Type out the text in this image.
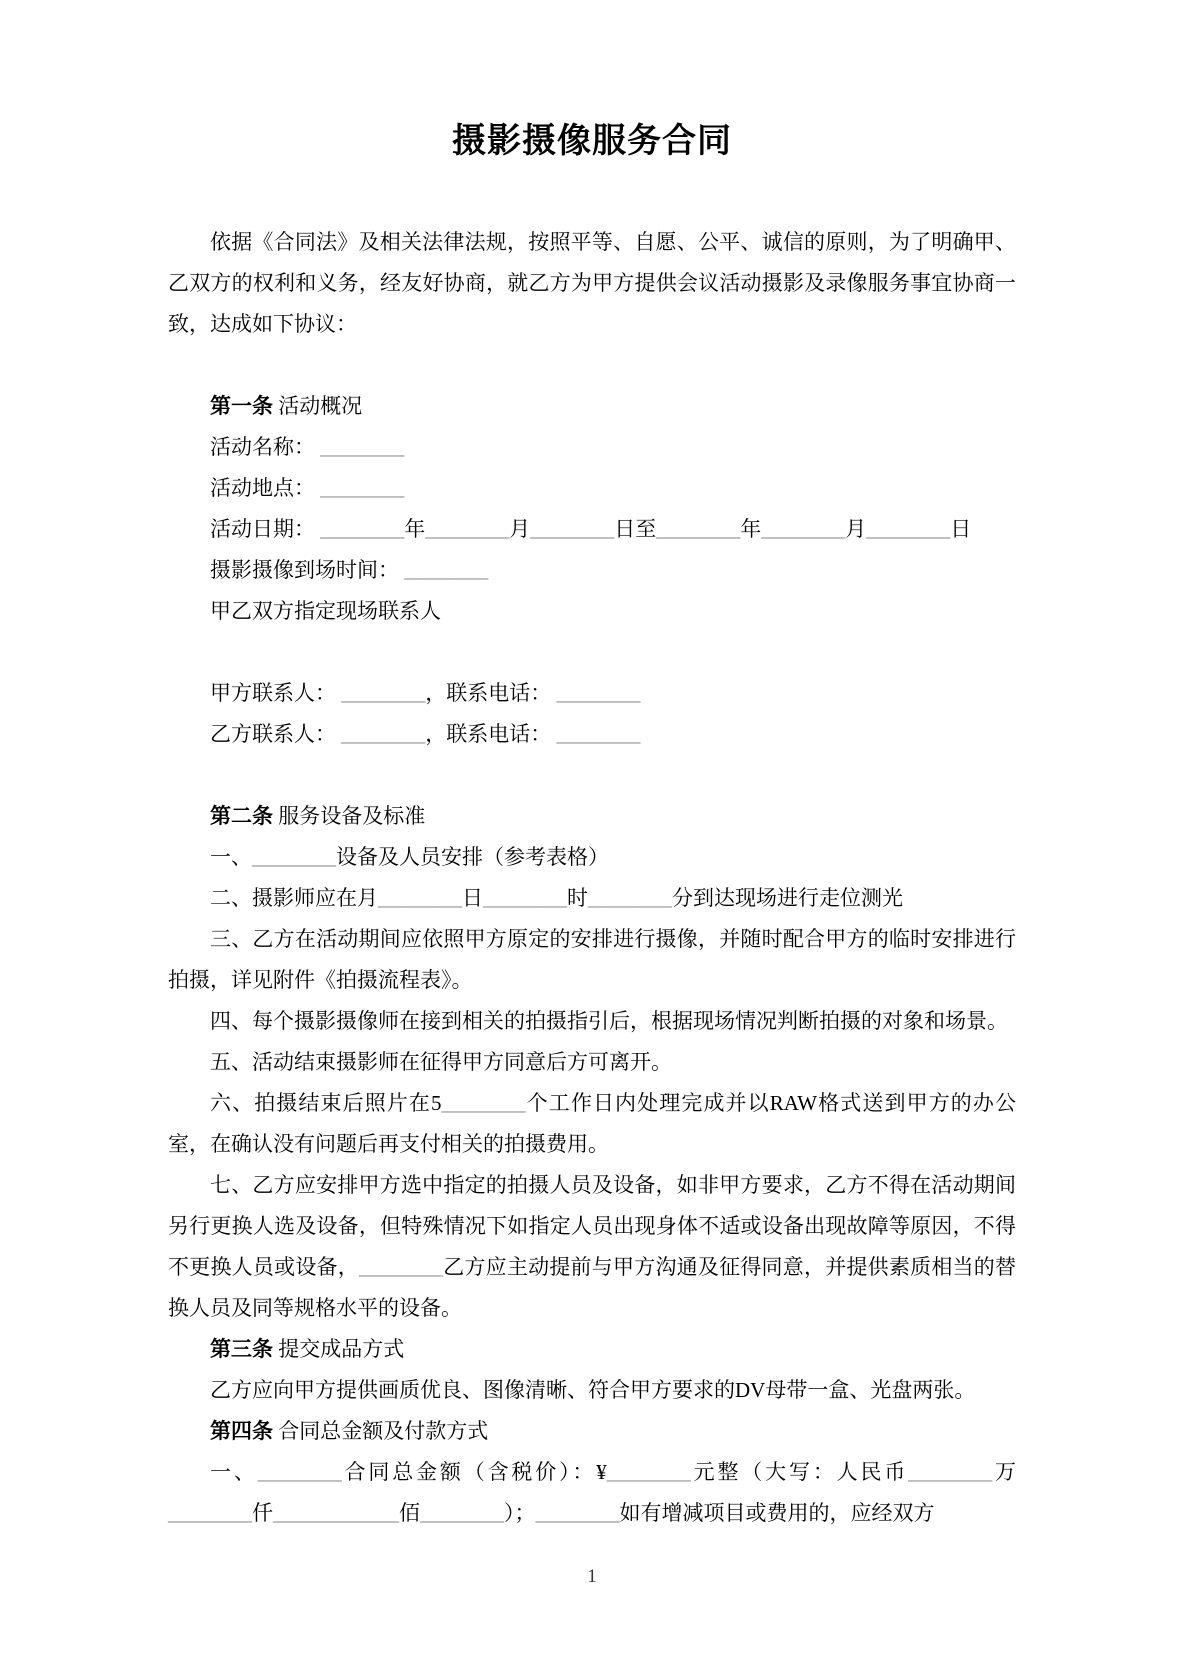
摄影摄像服务合同

依据《合同法》及相关法律法规，按照平等、自愿、公平、诚信的原则，为了明确甲、乙双方的权利和义务，经友好协商，就乙方为甲方提供会议活动摄影及录像服务事宜协商一致，达成如下协议：

第一条 活动概况

活动名称： ________

活动地点： ________

活动日期： ________年________月________日至________年________月________日

摄影摄像到场时间： ________

甲乙双方指定现场联系人

甲方联系人： ________，联系电话： ________

乙方联系人： ________，联系电话： ________

第二条 服务设备及标准

一、________设备及人员安排（参考表格）

二、摄影师应在月________日________时________分到达现场进行走位测光

三、乙方在活动期间应依照甲方原定的安排进行摄像，并随时配合甲方的临时安排进行拍摄，详见附件《拍摄流程表》。

四、每个摄影摄像师在接到相关的拍摄指引后，根据现场情况判断拍摄的对象和场景。

五、活动结束摄影师在征得甲方同意后方可离开。

六、拍摄结束后照片在5________个工作日内处理完成并以RAW格式送到甲方的办公室，在确认没有问题后再支付相关的拍摄费用。

七、乙方应安排甲方选中指定的拍摄人员及设备，如非甲方要求，乙方不得在活动期间另行更换人选及设备，但特殊情况下如指定人员出现身体不适或设备出现故障等原因，不得不更换人员或设备，________乙方应主动提前与甲方沟通及征得同意，并提供素质相当的替换人员及同等规格水平的设备。

第三条 提交成品方式

乙方应向甲方提供画质优良、图像清晰、符合甲方要求的DV母带一盒、光盘两张。

第四条 合同总金额及付款方式

一、________合同总金额（含税价）：¥________元整（大写：人民币________万________仟____________佰________）；________如有增减项目或费用的，应经双方

1
